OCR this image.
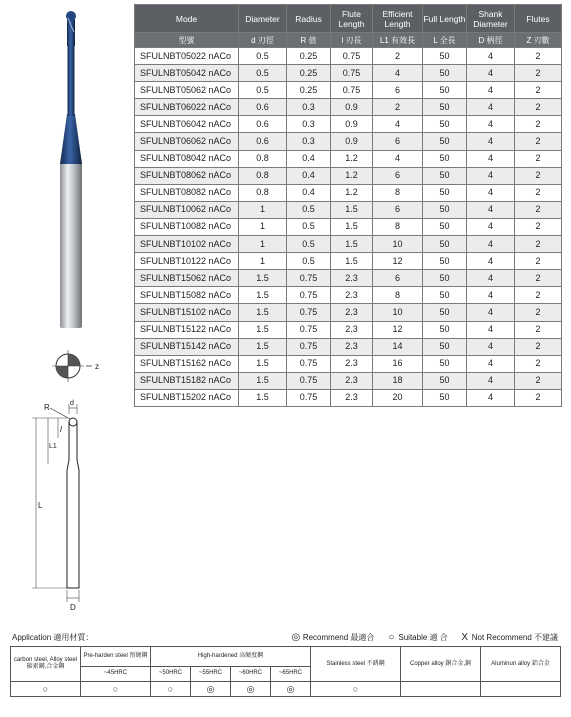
z
R	d
l
L1
L
D
Mode	Diameter	Radius	Flute Length	Efficient Length	Full Length	Shank Diameter	Flutes
型號	d 刃徑	R 值	l 刃長	L1 有效長	L 全長	D 柄徑	Z 刃數
SFULNBT05022 nACo	0.5	0.25	0.75	2	50	4	2
SFULNBT05042 nACo	0.5	0.25	0.75	4	50	4	2
SFULNBT05062 nACo	0.5	0.25	0.75	6	50	4	2
SFULNBT06022 nACo	0.6	0.3	0.9	2	50	4	2
SFULNBT06042 nACo	0.6	0.3	0.9	4	50	4	2
SFULNBT06062 nACo	0.6	0.3	0.9	6	50	4	2
SFULNBT08042 nACo	0.8	0.4	1.2	4	50	4	2
SFULNBT08062 nACo	0.8	0.4	1.2	6	50	4	2
SFULNBT08082 nACo	0.8	0.4	1.2	8	50	4	2
SFULNBT10062 nACo	1	0.5	1.5	6	50	4	2
SFULNBT10082 nACo	1	0.5	1.5	8	50	4	2
SFULNBT10102 nACo	1	0.5	1.5	10	50	4	2
SFULNBT10122 nACo	1	0.5	1.5	12	50	4	2
SFULNBT15062 nACo	1.5	0.75	2.3	6	50	4	2
SFULNBT15082 nACo	1.5	0.75	2.3	8	50	4	2
SFULNBT15102 nACo	1.5	0.75	2.3	10	50	4	2
SFULNBT15122 nACo	1.5	0.75	2.3	12	50	4	2
SFULNBT15142 nACo	1.5	0.75	2.3	14	50	4	2
SFULNBT15162 nACo	1.5	0.75	2.3	16	50	4	2
SFULNBT15182 nACo	1.5	0.75	2.3	18	50	4	2
SFULNBT15202 nACo	1.5	0.75	2.3	20	50	4	2
Application 適用材質：	◎ Recommend 最適合 ○ Suitable 適 合 X Not Recommend 不建議
carbon steel, Alloy steel 碳素鋼,合金鋼	Pre-harden steel 預硬鋼	High-hardened 高硬度鋼				Stainless steel 不銹鋼	Copper alloy 銅合金,銅	Aluminun alloy 鋁合金
	~45HRC	~50HRC	~55HRC	~60HRC	~65HRC			
○	○	○	◎	◎	◎	○		
